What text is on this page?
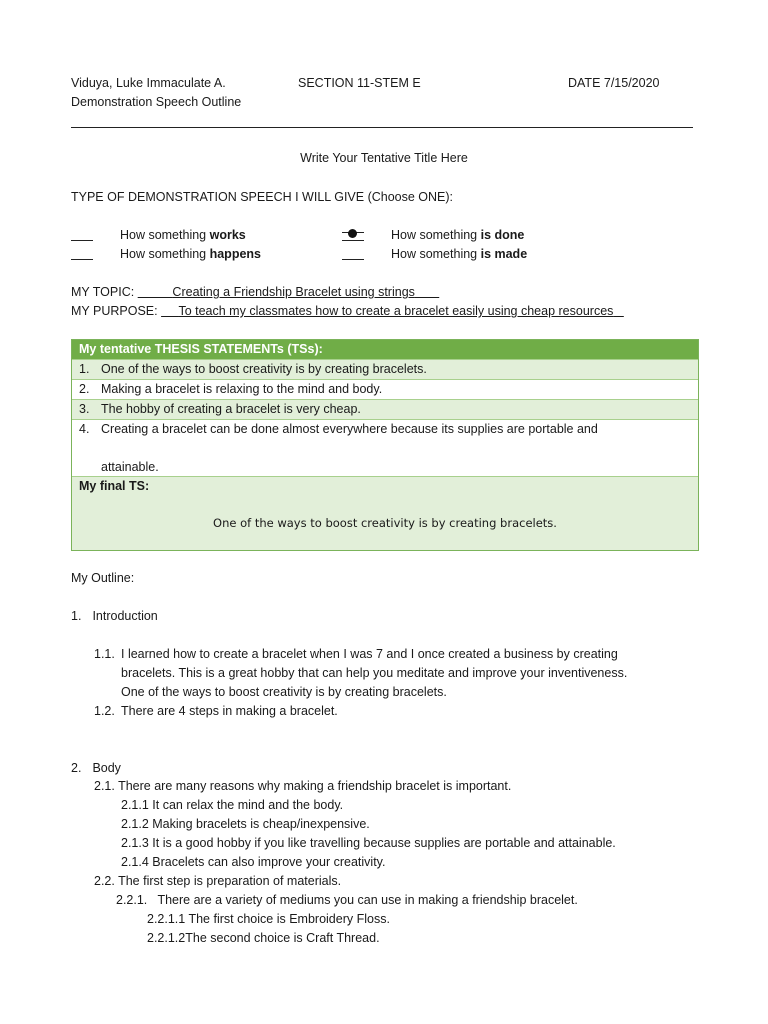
Viduya, Luke Immaculate A.	SECTION 11-STEM E	DATE 7/15/2020
Demonstration Speech Outline
Write Your Tentative Title Here
TYPE OF DEMONSTRATION SPEECH I WILL GIVE (Choose ONE):
How something works
How something happens
How something is done
How something is made
MY TOPIC:	Creating a Friendship Bracelet using strings
MY PURPOSE:      To teach my classmates how to create a bracelet easily using cheap resources
My tentative THESIS STATEMENTs (TSs):
1. One of the ways to boost creativity is by creating bracelets.
2. Making a bracelet is relaxing to the mind and body.
3. The hobby of creating a bracelet is very cheap.
4. Creating a bracelet can be done almost everywhere because its supplies are portable and

attainable.
My final TS:
One of the ways to boost creativity is by creating bracelets.
My Outline:
1. Introduction
1.1. I learned how to create a bracelet when I was 7 and I once created a business by creating
bracelets. This is a great hobby that can help you meditate and improve your inventiveness.
One of the ways to boost creativity is by creating bracelets.
1.2. There are 4 steps in making a bracelet.
2. Body
2.1. There are many reasons why making a friendship bracelet is important.
2.1.1 It can relax the mind and the body.
2.1.2 Making bracelets is cheap/inexpensive.
2.1.3 It is a good hobby if you like travelling because supplies are portable and attainable.
2.1.4 Bracelets can also improve your creativity.
2.2. The first step is preparation of materials.
2.2.1.   There are a variety of mediums you can use in making a friendship bracelet.
2.2.1.1 The first choice is Embroidery Floss.
2.2.1.2The second choice is Craft Thread.
